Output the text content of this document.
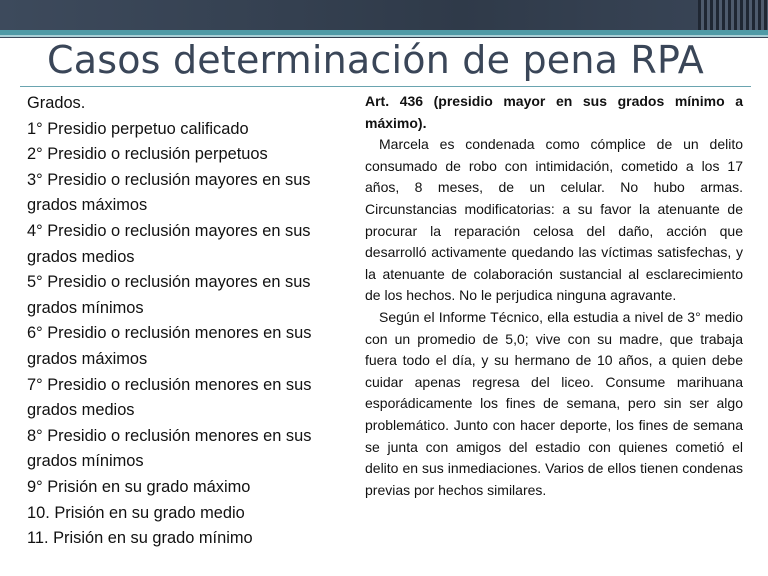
Casos determinación de pena RPA
Grados.
1° Presidio perpetuo calificado
2° Presidio o reclusión perpetuos
3° Presidio o reclusión mayores en sus
grados máximos
4° Presidio o reclusión mayores en sus
grados medios
5° Presidio o reclusión mayores en sus
grados mínimos
6° Presidio o reclusión menores en sus
grados máximos
7° Presidio o reclusión menores en sus
grados medios
8° Presidio o reclusión menores en sus
grados mínimos
9° Prisión en su grado máximo
10. Prisión en su grado medio
11. Prisión en su grado mínimo
Art. 436 (presidio mayor en sus grados mínimo a máximo).
Marcela es condenada como cómplice de un delito consumado de robo con intimidación, cometido a los 17 años, 8 meses, de un celular. No hubo armas. Circunstancias modificatorias: a su favor la atenuante de procurar la reparación celosa del daño, acción que desarrolló activamente quedando las víctimas satisfechas, y la atenuante de colaboración sustancial al esclarecimiento de los hechos. No le perjudica ninguna agravante.
Según el Informe Técnico, ella estudia a nivel de 3° medio con un promedio de 5,0; vive con su madre, que trabaja fuera todo el día, y su hermano de 10 años, a quien debe cuidar apenas regresa del liceo. Consume marihuana esporádicamente los fines de semana, pero sin ser algo problemático. Junto con hacer deporte, los fines de semana se junta con amigos del estadio con quienes cometió el delito en sus inmediaciones. Varios de ellos tienen condenas previas por hechos similares.
